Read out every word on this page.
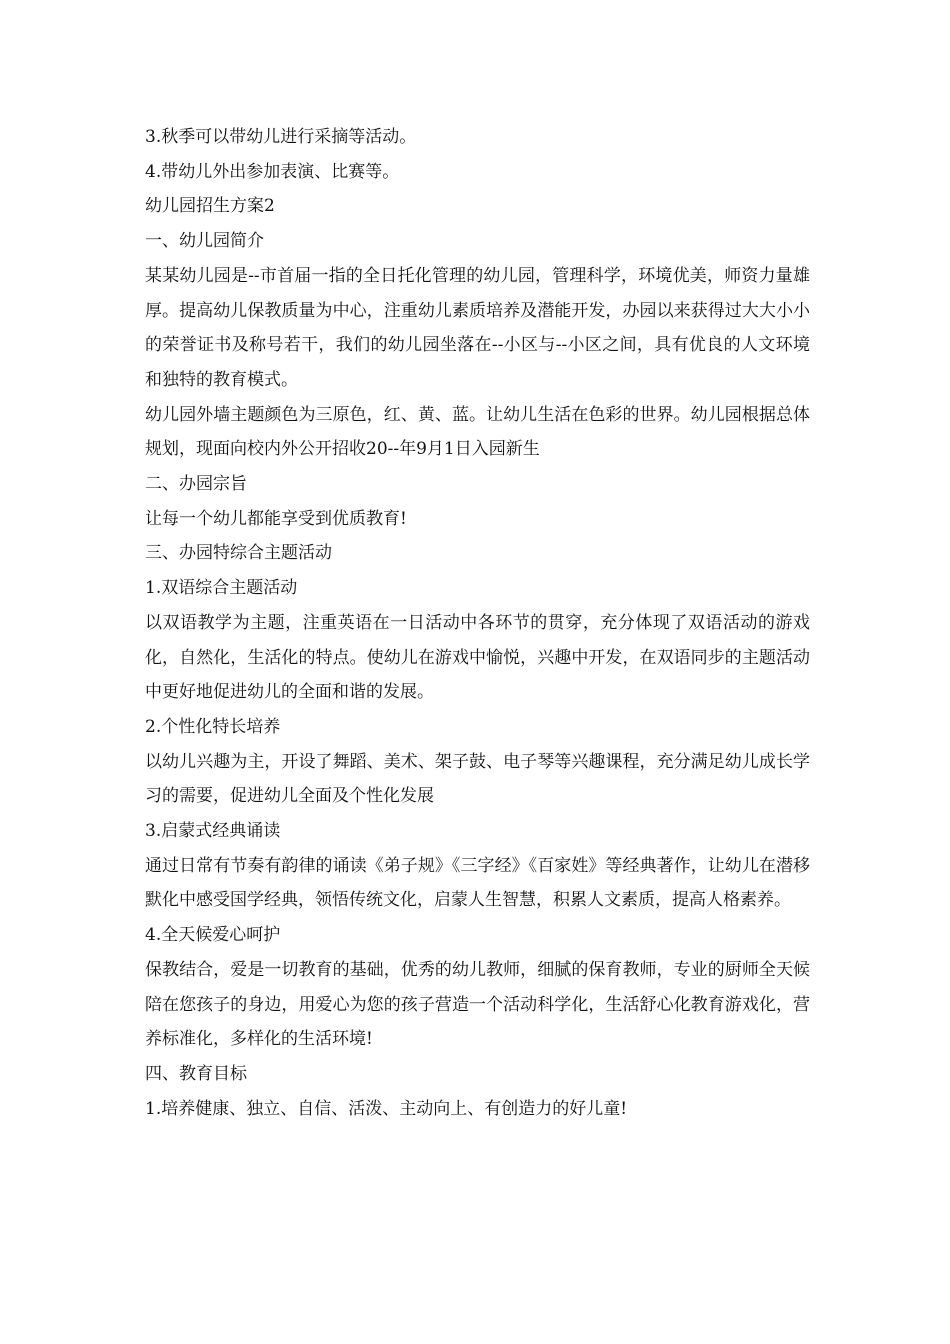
3.秋季可以带幼儿进行采摘等活动。

4.带幼儿外出参加表演、比赛等。

幼儿园招生方案2

一、幼儿园简介

某某幼儿园是--市首届一指的全日托化管理的幼儿园，管理科学，环境优美，师资力量雄厚。提高幼儿保教质量为中心，注重幼儿素质培养及潜能开发，办园以来获得过大大小小的荣誉证书及称号若干，我们的幼儿园坐落在--小区与--小区之间，具有优良的人文环境和独特的教育模式。

幼儿园外墙主题颜色为三原色，红、黄、蓝。让幼儿生活在色彩的世界。幼儿园根据总体规划，现面向校内外公开招收20--年9月1日入园新生

二、办园宗旨

让每一个幼儿都能享受到优质教育!

三、办园特综合主题活动

1.双语综合主题活动

以双语教学为主题，注重英语在一日活动中各环节的贯穿，充分体现了双语活动的游戏化，自然化，生活化的特点。使幼儿在游戏中愉悦，兴趣中开发，在双语同步的主题活动中更好地促进幼儿的全面和谐的发展。

2.个性化特长培养

以幼儿兴趣为主，开设了舞蹈、美术、架子鼓、电子琴等兴趣课程，充分满足幼儿成长学习的需要，促进幼儿全面及个性化发展

3.启蒙式经典诵读

通过日常有节奏有韵律的诵读《弟子规》《三字经》《百家姓》等经典著作，让幼儿在潜移默化中感受国学经典，领悟传统文化，启蒙人生智慧，积累人文素质，提高人格素养。

4.全天候爱心呵护

保教结合，爱是一切教育的基础，优秀的幼儿教师，细腻的保育教师，专业的厨师全天候陪在您孩子的身边，用爱心为您的孩子营造一个活动科学化，生活舒心化教育游戏化，营养标准化，多样化的生活环境!

四、教育目标

1.培养健康、独立、自信、活泼、主动向上、有创造力的好儿童!
